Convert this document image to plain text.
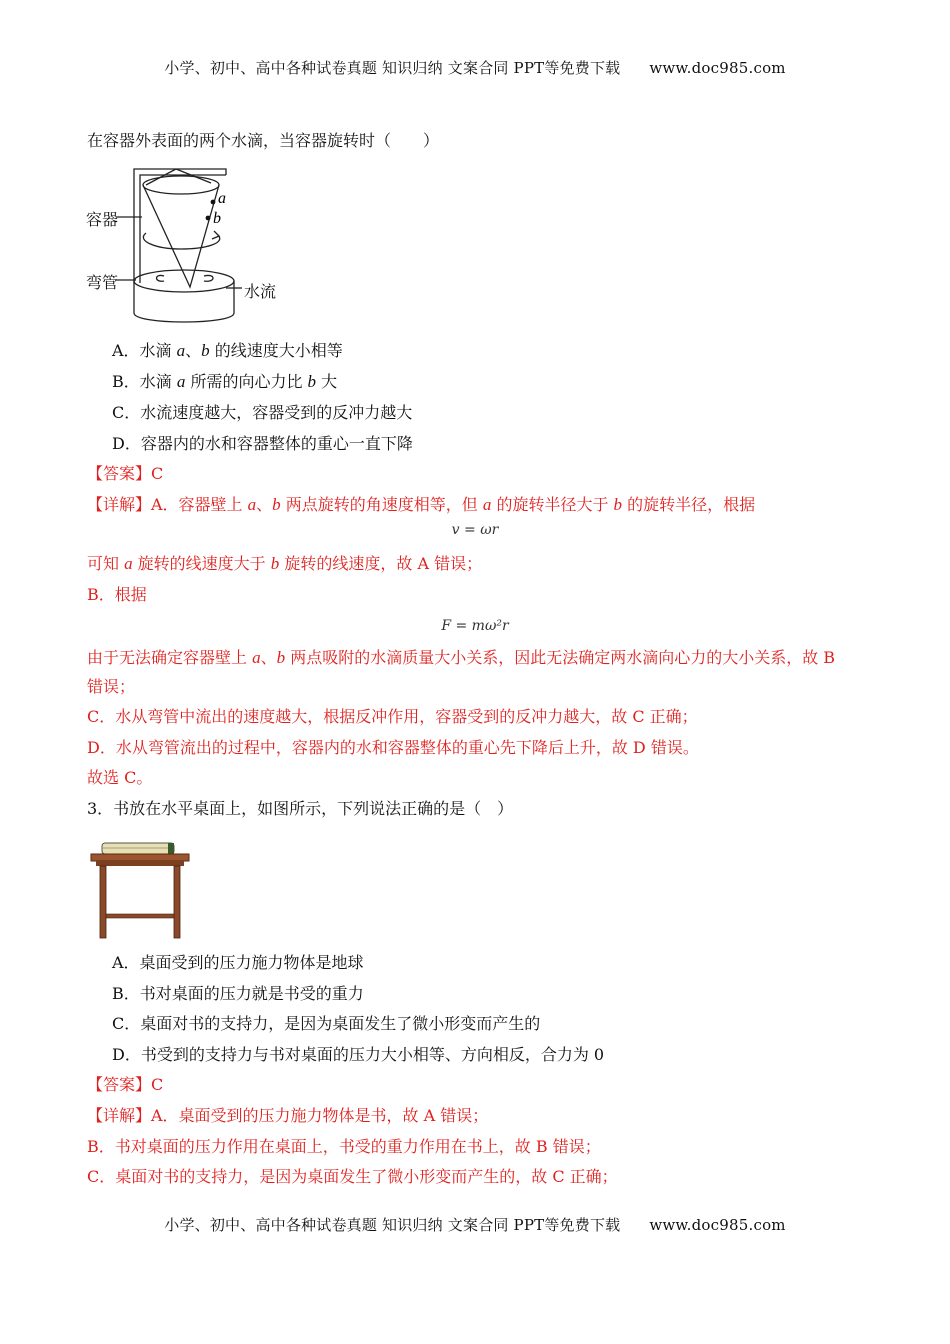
小学、初中、高中各种试卷真题 知识归纳 文案合同 PPT等免费下载 www.doc985.com
在容器外表面的两个水滴，当容器旋转时（　　）
a
b
容器
弯管	水流
A．水滴 a、b 的线速度大小相等
B．水滴 a 所需的向心力比 b 大
C．水流速度越大，容器受到的反冲力越大
D．容器内的水和容器整体的重心一直下降
【答案】C
【详解】A．容器壁上 a、b 两点旋转的角速度相等，但 a 的旋转半径大于 b 的旋转半径，根据
v = ωr
可知 a 旋转的线速度大于 b 旋转的线速度，故 A 错误；
B．根据
F = mω²r
由于无法确定容器壁上 a、b 两点吸附的水滴质量大小关系，因此无法确定两水滴向心力的大小关系，故 B
错误；
C．水从弯管中流出的速度越大，根据反冲作用，容器受到的反冲力越大，故 C 正确；
D．水从弯管流出的过程中，容器内的水和容器整体的重心先下降后上升，故 D 错误。
故选 C。
3．书放在水平桌面上，如图所示，下列说法正确的是（　）
A．桌面受到的压力施力物体是地球
B．书对桌面的压力就是书受的重力
C．桌面对书的支持力，是因为桌面发生了微小形变而产生的
D．书受到的支持力与书对桌面的压力大小相等、方向相反，合力为 0
【答案】C
【详解】A．桌面受到的压力施力物体是书，故 A 错误；
B．书对桌面的压力作用在桌面上，书受的重力作用在书上，故 B 错误；
C．桌面对书的支持力，是因为桌面发生了微小形变而产生的，故 C 正确；
小学、初中、高中各种试卷真题 知识归纳 文案合同 PPT等免费下载 www.doc985.com
